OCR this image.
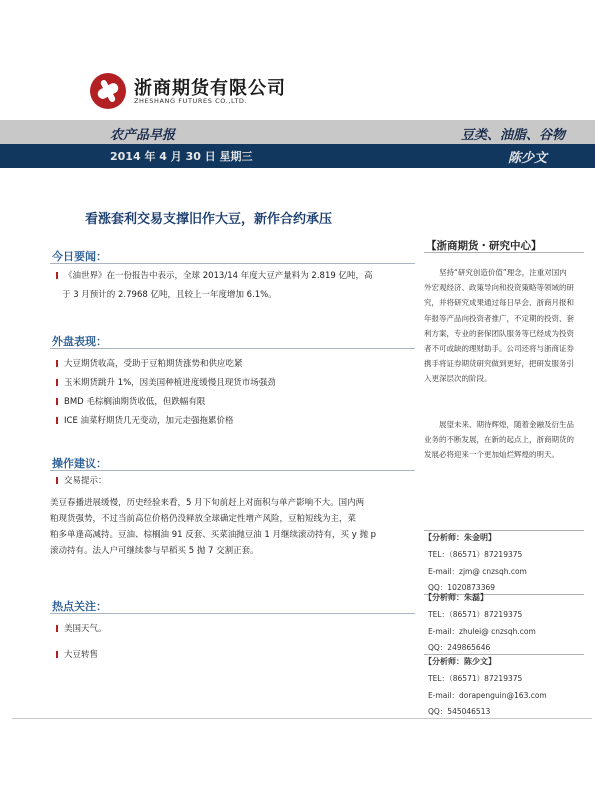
浙商期货有限公司
ZHESHANG FUTURES CO.,LTD.
农产品早报	豆类、油脂、谷物
2014 年 4 月 30 日 星期三	陈少文
看涨套利交易支撑旧作大豆，新作合约承压
今日要闻：
《油世界》在一份报告中表示，全球 2013/14 年度大豆产量料为 2.819 亿吨，高
于 3 月预计的 2.7968 亿吨，且较上一年度增加 6.1%。
外盘表现：
大豆期货收高，受助于豆粕期货涨势和供应吃紧
玉米期货跳升 1%，因美国种植进度缓慢且现货市场强劲
BMD 毛棕榈油期货收低，但跌幅有限
ICE 油菜籽期货几无变动，加元走强拖累价格
操作建议：
交易提示：
美豆春播进展缓慢，历史经验来看，5 月下旬前赶上对面积与单产影响不大。国内两
粕现货强势，不过当前高位价格仍没释放全球确定性增产风险，豆粕短线为主，菜
粕多单逢高减持。豆油、棕榈油 91 反套、买菜油抛豆油 1 月继续滚动持有，买 y 抛 p
滚动持有。法人户可继续参与早稻买 5 抛 7 交割正套。
热点关注：
美国天气。
大豆转售
【浙商期货・研究中心】
坚持“研究创造价值”理念，注重对国内外宏观经济、政策导向和投资策略等领域的研究，并将研究成果通过每日早会、浙商月报和年报等产品向投资者推广，不定期的投资、套利方案，专业的套保团队服务等已经成为投资者不可或缺的理财助手。公司还将与浙商证券携手将证券期货研究做到更好，把研发服务引入更深层次的阶段。
展望未来、期待辉煌，随着金融及衍生品业务的不断发展，在新的起点上，浙商期货的发展必将迎来一个更加灿烂辉煌的明天。
【分析师：朱金明】
TEL：（86571）87219375
E-mail：zjm@ cnzsqh.com
QQ：1020873369
【分析师：朱磊】
TEL：（86571）87219375
E-mail：zhulei@ cnzsqh.com
QQ：249865646
【分析师：陈少文】
TEL：（86571）87219375
E-mail：dorapenguin@163.com
QQ：545046513
